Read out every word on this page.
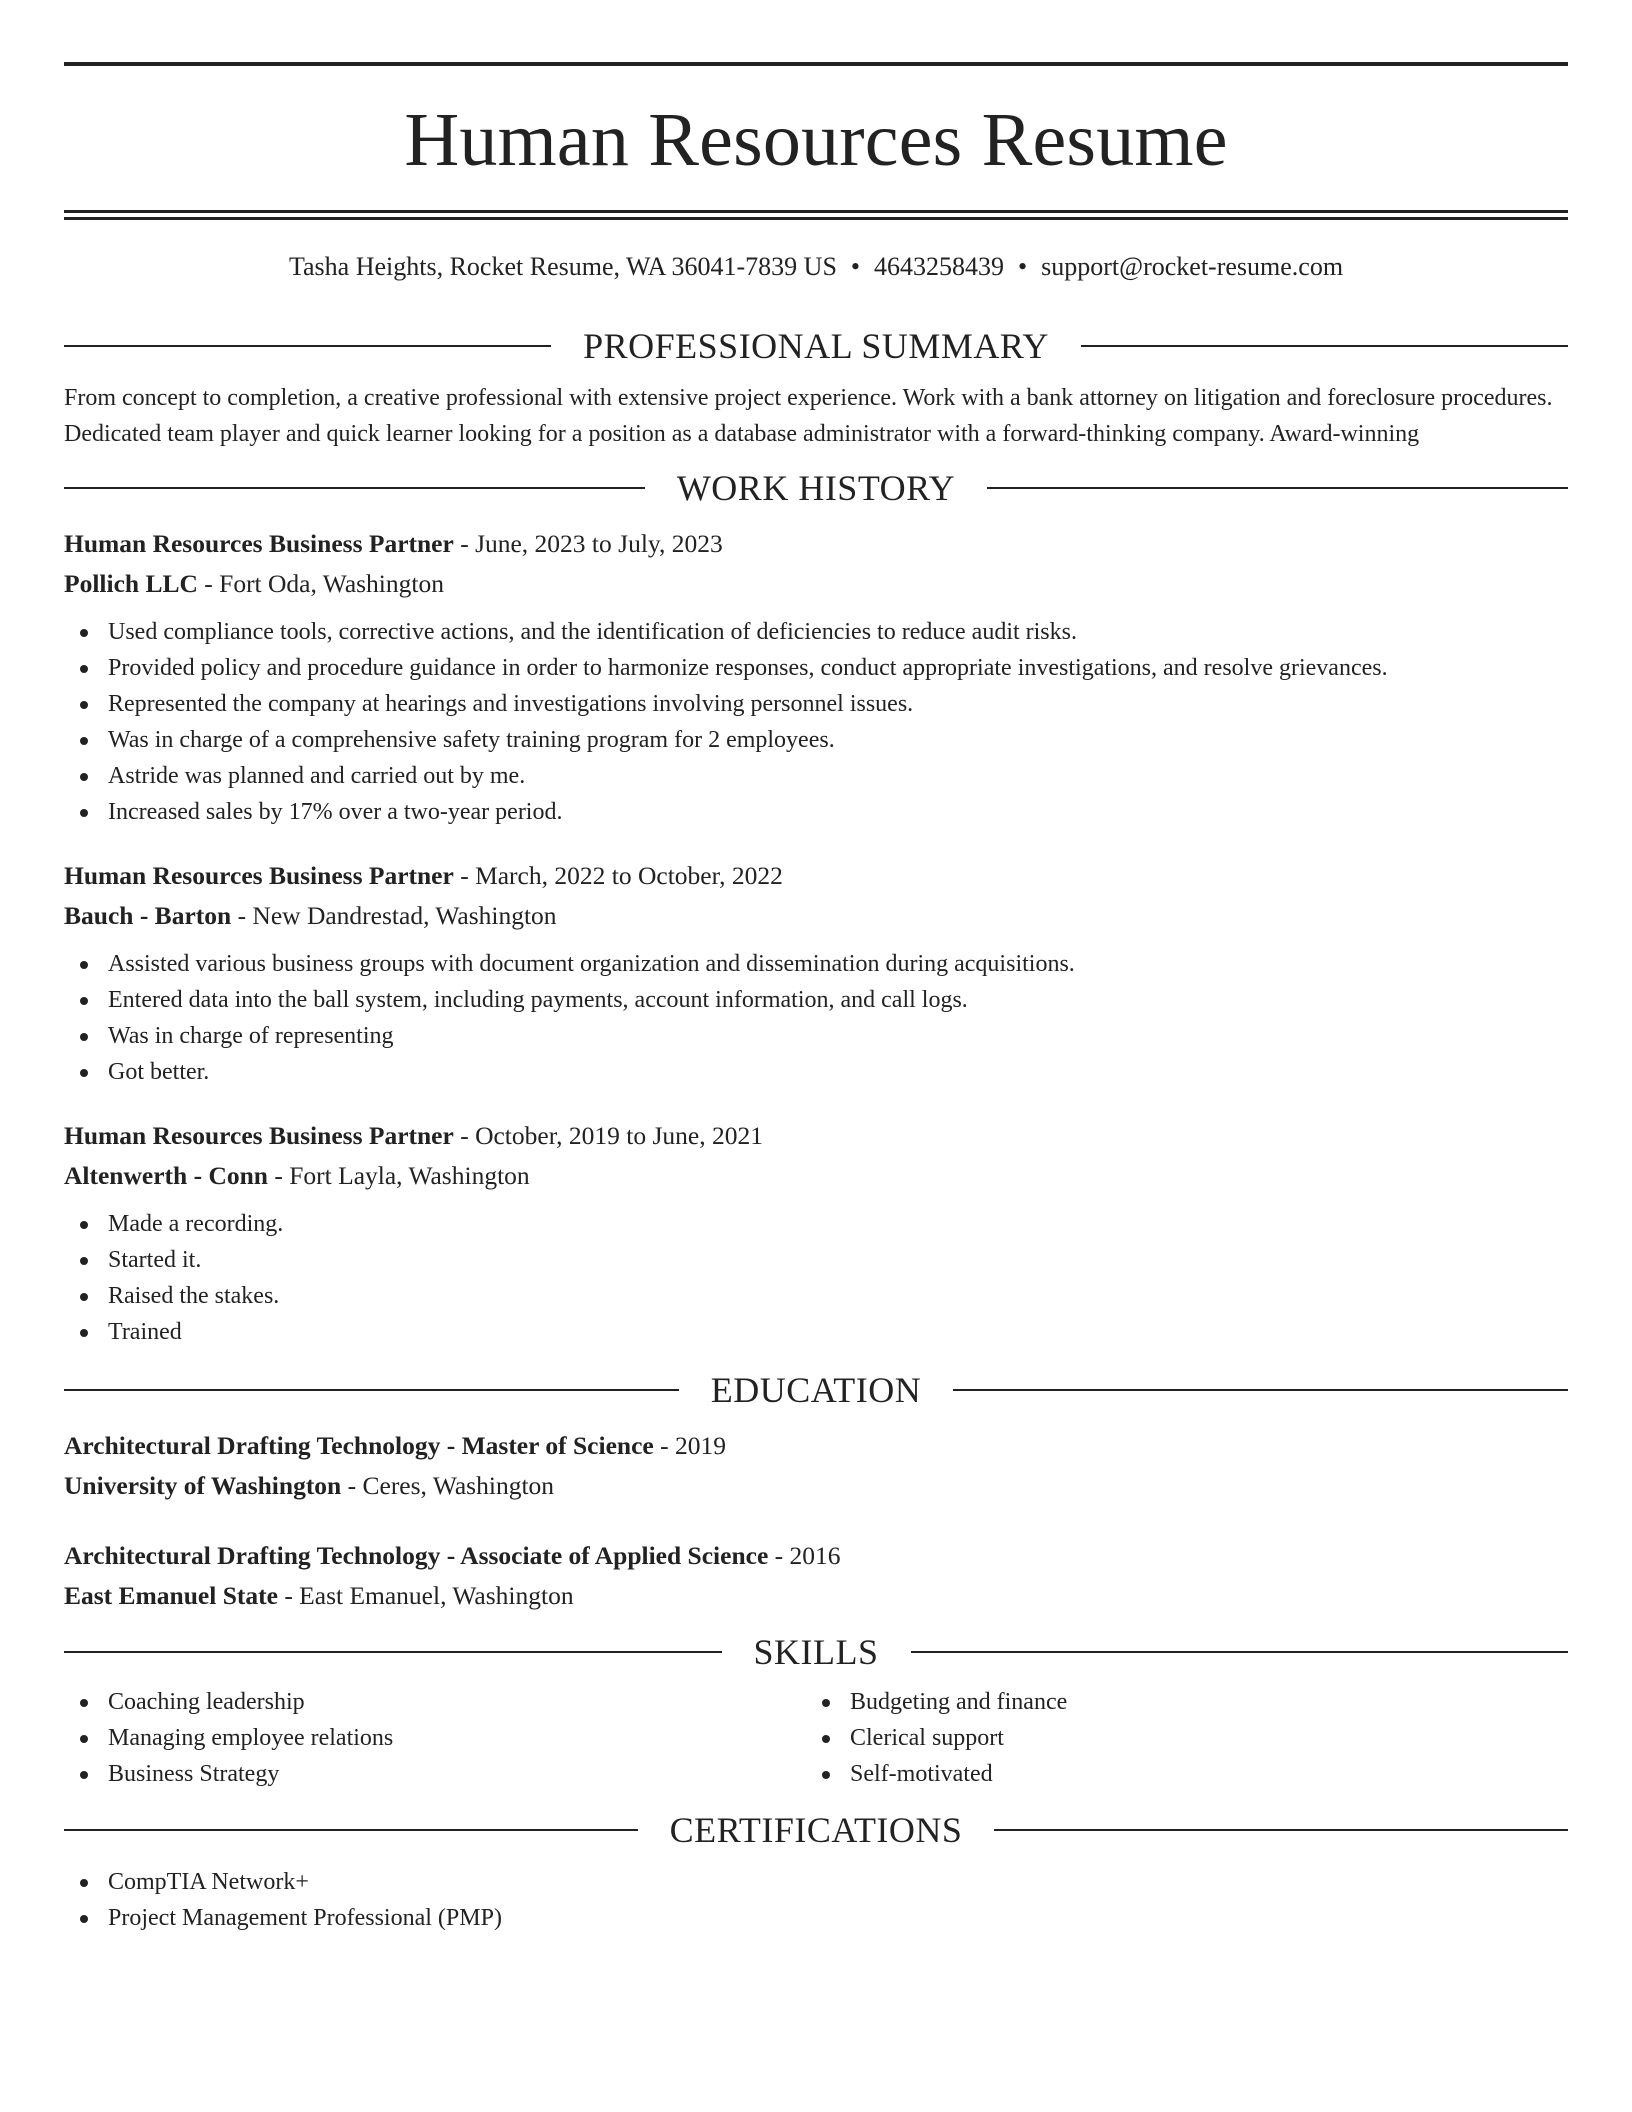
Human Resources Resume
Tasha Heights, Rocket Resume, WA 36041-7839 US • 4643258439 • support@rocket-resume.com
PROFESSIONAL SUMMARY
From concept to completion, a creative professional with extensive project experience. Work with a bank attorney on litigation and foreclosure procedures. Dedicated team player and quick learner looking for a position as a database administrator with a forward-thinking company. Award-winning
WORK HISTORY
Human Resources Business Partner - June, 2023 to July, 2023
Pollich LLC - Fort Oda, Washington
Used compliance tools, corrective actions, and the identification of deficiencies to reduce audit risks.
Provided policy and procedure guidance in order to harmonize responses, conduct appropriate investigations, and resolve grievances.
Represented the company at hearings and investigations involving personnel issues.
Was in charge of a comprehensive safety training program for 2 employees.
Astride was planned and carried out by me.
Increased sales by 17% over a two-year period.
Human Resources Business Partner - March, 2022 to October, 2022
Bauch - Barton - New Dandrestad, Washington
Assisted various business groups with document organization and dissemination during acquisitions.
Entered data into the ball system, including payments, account information, and call logs.
Was in charge of representing
Got better.
Human Resources Business Partner - October, 2019 to June, 2021
Altenwerth - Conn - Fort Layla, Washington
Made a recording.
Started it.
Raised the stakes.
Trained
EDUCATION
Architectural Drafting Technology - Master of Science - 2019
University of Washington - Ceres, Washington
Architectural Drafting Technology - Associate of Applied Science - 2016
East Emanuel State - East Emanuel, Washington
SKILLS
Coaching leadership
Managing employee relations
Business Strategy
Budgeting and finance
Clerical support
Self-motivated
CERTIFICATIONS
CompTIA Network+
Project Management Professional (PMP)
